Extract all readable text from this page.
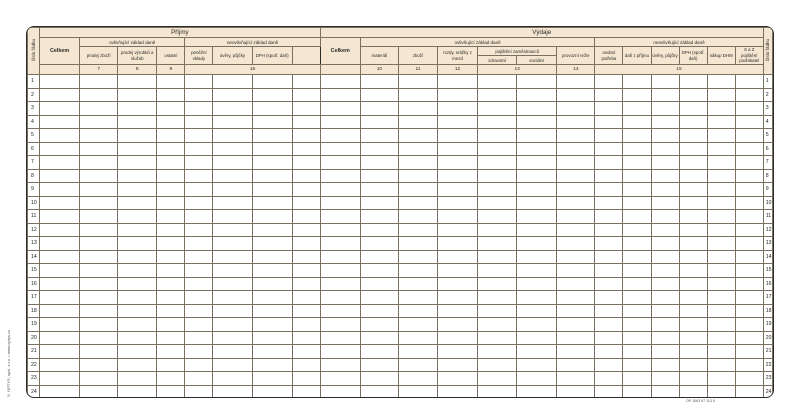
© OPTYS, spol. s r.o. • www.optys.cz
číslo řádku	Příjmy								Výdaje													číslo řádku
	Celkem	ovlivňující základ daně			neovlivňující základ daně				Celkem	ovlivňující základ daně						neovlivňující základ daně						
		prodej zboží	prodej výrobků a služeb	ostatní	peněžní vklady	úvěry, půjčky	DPH (spotř. daň)			materiál	zboží	mzdy, srážky z mezd	pojištění zaměstnanců		provozní režie	osobní potřeba	daň z příjmu	úvěry, půjčky	DPH (spotř. daň)	nákup DHM	S a Z pojištění podnikatel	
													zdravotní	sociální								
		7	8	9	16					10	11	12	13		14	15						
1																						1
2																						2
3																						3
4																						4
5																						5
6																						6
7																						7
8																						8
9																						9
10																						10
11																						11
12																						12
13																						13
14																						14
15																						15
16																						16
17																						17
18																						18
19																						19
20																						20
21																						21
22																						22
23																						23
24																						24
OP 1063 97 113 5
